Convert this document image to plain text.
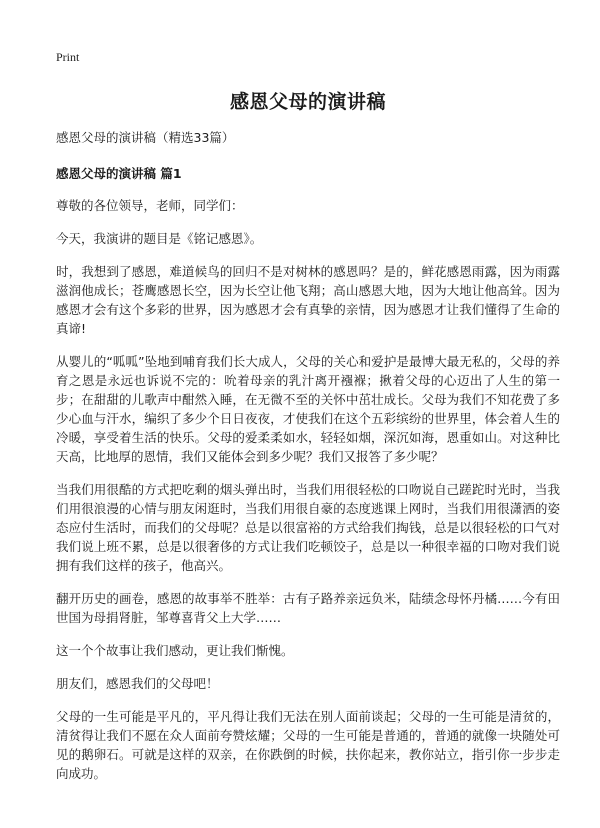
Print
感恩父母的演讲稿
感恩父母的演讲稿（精选33篇）
感恩父母的演讲稿 篇1

尊敬的各位领导，老师，同学们：

今天，我演讲的题目是《铭记感恩》。

时，我想到了感恩，难道候鸟的回归不是对树林的感恩吗？是的，鲜花感恩雨露，因为雨露滋润他成长；苍鹰感恩长空，因为长空让他飞翔；高山感恩大地，因为大地让他高耸。因为感恩才会有这个多彩的世界，因为感恩才会有真挚的亲情，因为感恩才让我们懂得了生命的真谛!

从婴儿的“呱呱”坠地到哺育我们长大成人，父母的关心和爱护是最博大最无私的，父母的养育之恩是永远也诉说不完的：吮着母亲的乳汁离开襁褓；揪着父母的心迈出了人生的第一步；在甜甜的儿歌声中酣然入睡，在无微不至的关怀中茁壮成长。父母为我们不知花费了多少心血与汗水，编织了多少个日日夜夜，才使我们在这个五彩缤纷的世界里，体会着人生的冷暖，享受着生活的快乐。父母的爱柔柔如水，轻轻如烟，深沉如海，恩重如山。对这种比天高，比地厚的恩情，我们又能体会到多少呢？我们又报答了多少呢？

当我们用很酷的方式把吃剩的烟头弹出时，当我们用很轻松的口吻说自己蹉跎时光时，当我们用很浪漫的心情与朋友闲逛时，当我们用很自豪的态度逃课上网时，当我们用很潇洒的姿态应付生活时，而我们的父母呢？总是以很富裕的方式给我们掏钱，总是以很轻松的口气对我们说上班不累，总是以很奢侈的方式让我们吃顿饺子，总是以一种很幸福的口吻对我们说拥有我们这样的孩子，他高兴。

翻开历史的画卷，感恩的故事举不胜举：古有子路养亲远负米，陆绩念母怀丹橘……今有田世国为母捐肾脏，邹尊喜背父上大学……

这一个个故事让我们感动，更让我们惭愧。

朋友们，感恩我们的父母吧！

父母的一生可能是平凡的，平凡得让我们无法在别人面前谈起；父母的一生可能是清贫的，清贫得让我们不愿在众人面前夸赞炫耀；父母的一生可能是普通的，普通的就像一块随处可见的鹅卵石。可就是这样的双亲，在你跌倒的时候，扶你起来，教你站立，指引你一步步走向成功。
